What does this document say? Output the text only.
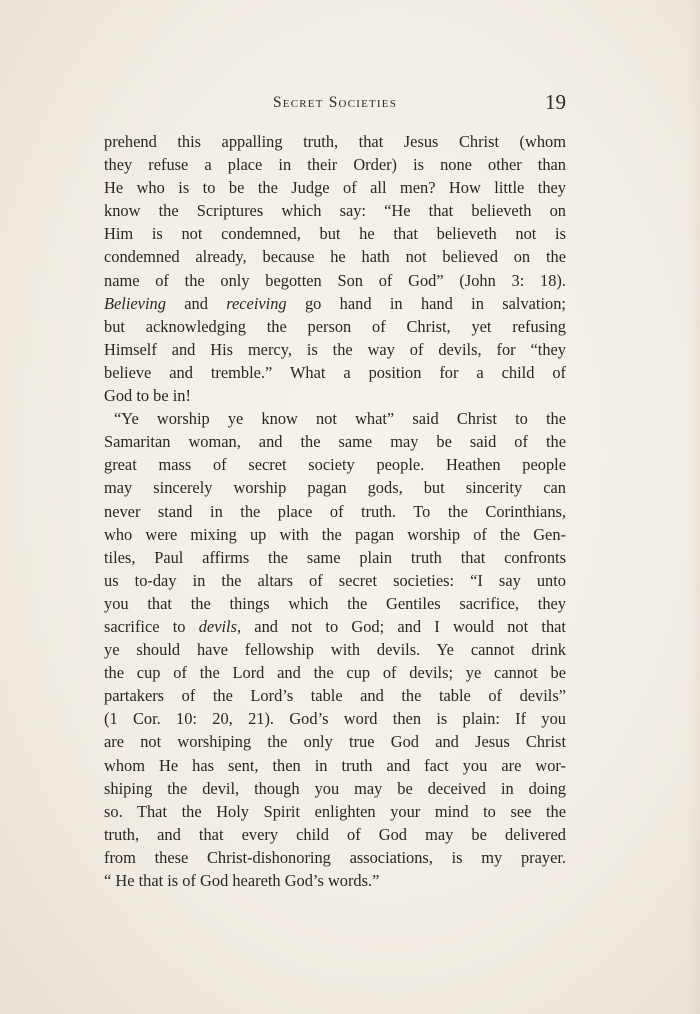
Secret Societies	19
prehend this appalling truth, that Jesus Christ (whom
they refuse a place in their Order) is none other than
He who is to be the Judge of all men? How little they
know the Scriptures which say: “He that believeth on
Him is not condemned, but he that believeth not is
condemned already, because he hath not believed on the
name of the only begotten Son of God” (John 3: 18).
Believing and receiving go hand in hand in salvation;
but acknowledging the person of Christ, yet refusing
Himself and His mercy, is the way of devils, for “they
believe and tremble.” What a position for a child of
God to be in!
“Ye worship ye know not what” said Christ to the
Samaritan woman, and the same may be said of the
great mass of secret society people. Heathen people
may sincerely worship pagan gods, but sincerity can
never stand in the place of truth. To the Corinthians,
who were mixing up with the pagan worship of the Gen-
tiles, Paul affirms the same plain truth that confronts
us to-day in the altars of secret societies: “I say unto
you that the things which the Gentiles sacrifice, they
sacrifice to devils, and not to God; and I would not that
ye should have fellowship with devils. Ye cannot drink
the cup of the Lord and the cup of devils; ye cannot be
partakers of the Lord’s table and the table of devils”
(1 Cor. 10: 20, 21). God’s word then is plain: If you
are not worshiping the only true God and Jesus Christ
whom He has sent, then in truth and fact you are wor-
shiping the devil, though you may be deceived in doing
so. That the Holy Spirit enlighten your mind to see the
truth, and that every child of God may be delivered
from these Christ-dishonoring associations, is my prayer.
“ He that is of God heareth God’s words.”
